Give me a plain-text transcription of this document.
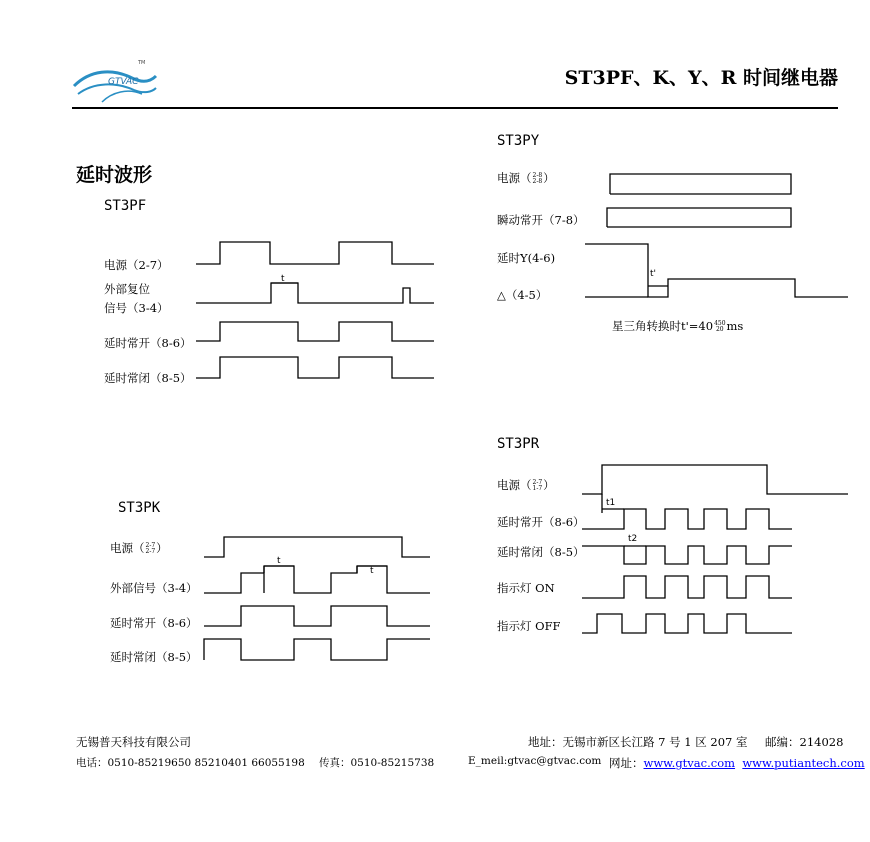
GTVAC
TM
ST3PF、K、Y、R 时间继电器
延时波形
ST3PF
电源（2-7）
外部复位
信号（3-4）
延时常开（8-6）
延时常闭（8-5）
t
ST3PK
电源（ 2-7
2-7 ）
外部信号（3-4）
延时常开（8-6）
延时常闭（8-5）
t
t
ST3PY
电源（ 2-8
2-8 ）
瞬动常开（7-8）
延时Y(4-6)
△（4-5）
星三角转换时t'=40 450
20 ms
t'
ST3PR
电源（ 2-7
1-7 ）
延时常开（8-6）
延时常闭（8-5）
指示灯 ON
指示灯 OFF
t1
t2
无锡普天科技有限公司
电话：0510-85219650 85210401 66055198 传真：0510-85215738	E_meil:gtvac@gtvac.com
地址：无锡市新区长江路 7 号 1 区 207 室 邮编：214028
网址：www.gtvac.com www.putiantech.com
